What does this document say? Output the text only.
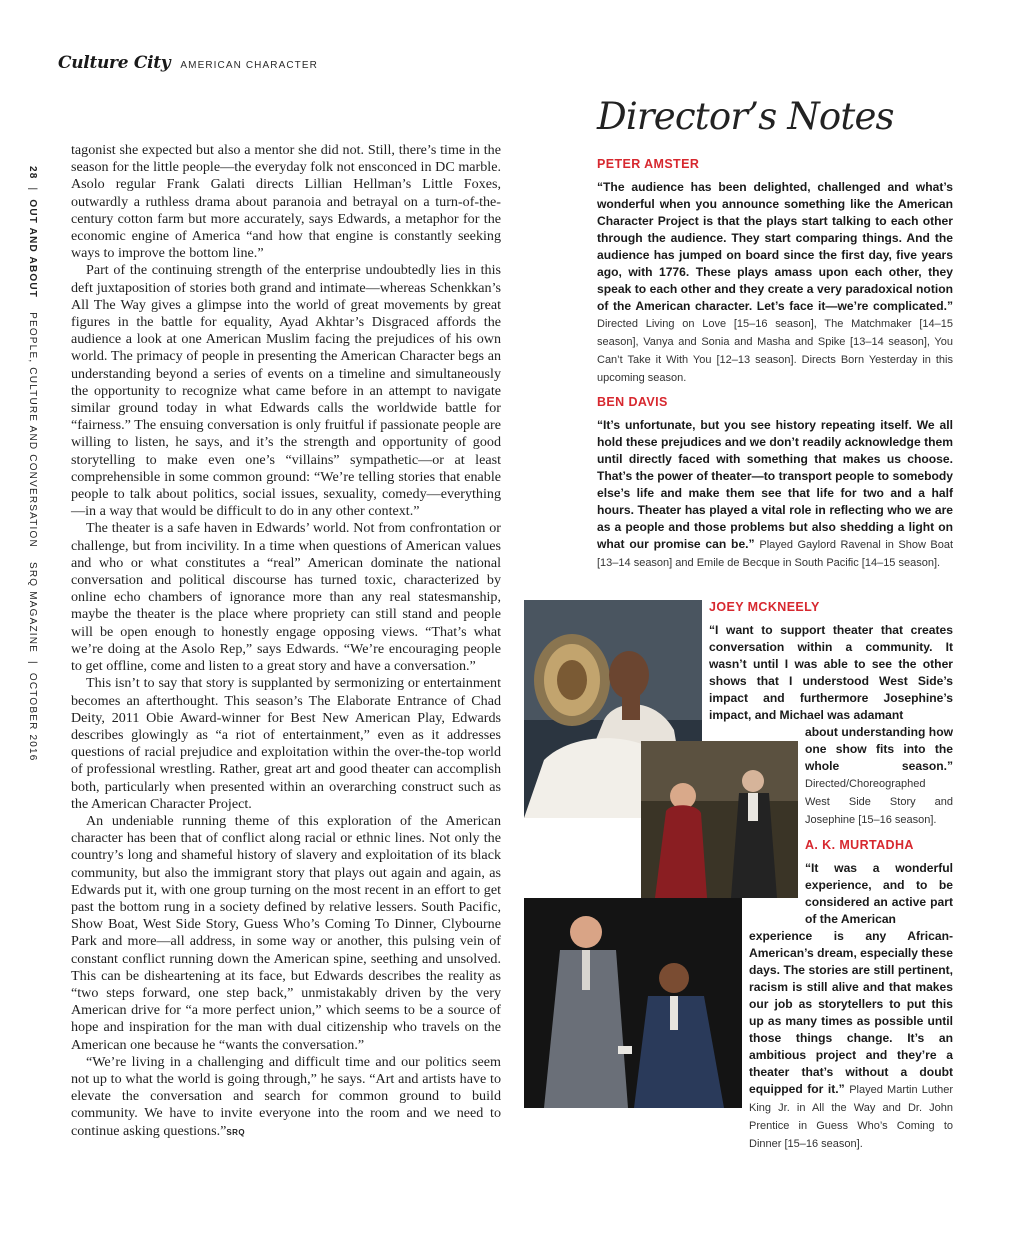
Culture City AMERICAN CHARACTER
28
|
OUT AND ABOUT
PEOPLE, CULTURE AND CONVERSATION
SRQ MAGAZINE
|
OCTOBER 2016

tagonist she expected but also a mentor she did not. Still, there’s time in the season for the little people—the everyday folk not ensconced in DC marble. Asolo regular Frank Galati directs Lillian Hellman’s Little Foxes, outwardly a ruthless drama about paranoia and betrayal on a turn-of-the-century cotton farm but more accurately, says Edwards, a metaphor for the economic engine of America “and how that engine is constantly seeking ways to improve the bottom line.”

Part of the continuing strength of the enterprise undoubtedly lies in this deft juxtaposition of stories both grand and intimate—whereas Schenkkan’s All The Way gives a glimpse into the world of great movements by great figures in the battle for equality, Ayad Akhtar’s Disgraced affords the audience a look at one American Muslim facing the prejudices of his own world. The primacy of people in presenting the American Character begs an understanding beyond a series of events on a timeline and simultaneously the opportunity to recognize what came before in an attempt to navigate similar ground today in what Edwards calls the worldwide battle for “fairness.” The ensuing conversation is only fruitful if passionate people are willing to listen, he says, and it’s the strength and opportunity of good storytelling to make even one’s “villains” sympathetic—or at least comprehensible in some common ground: “We’re telling stories that enable people to talk about politics, social issues, sexuality, comedy—everything—in a way that would be difficult to do in any other context.”

The theater is a safe haven in Edwards’ world. Not from confrontation or challenge, but from incivility. In a time when questions of American values and who or what constitutes a “real” American dominate the national conversation and political discourse has turned toxic, characterized by online echo chambers of ignorance more than any real statesmanship, maybe the theater is the place where propriety can still stand and people will be open enough to honestly engage opposing views. “That’s what we’re doing at the Asolo Rep,” says Edwards. “We’re encouraging people to get offline, come and listen to a great story and have a conversation.”

This isn’t to say that story is supplanted by sermonizing or entertainment becomes an afterthought. This season’s The Elaborate Entrance of Chad Deity, 2011 Obie Award-winner for Best New American Play, Edwards describes glowingly as “a riot of entertainment,” even as it addresses questions of racial prejudice and exploitation within the over-the-top world of professional wrestling. Rather, great art and good theater can accomplish both, particularly when presented within an overarching construct such as the American Character Project.

An undeniable running theme of this exploration of the American character has been that of conflict along racial or ethnic lines. Not only the country’s long and shameful history of slavery and exploitation of its black community, but also the immigrant story that plays out again and again, as Edwards put it, with one group turning on the most recent in an effort to get past the bottom rung in a society defined by relative lessers. South Pacific, Show Boat, West Side Story, Guess Who’s Coming To Dinner, Clybourne Park and more—all address, in some way or another, this pulsing vein of constant conflict running down the American spine, seething and unsolved. This can be disheartening at its face, but Edwards describes the reality as “two steps forward, one step back,” unmistakably driven by the very American drive for “a more perfect union,” which seems to be a source of hope and inspiration for the man with dual citizenship who travels on the American one because he “wants the conversation.”

“We’re living in a challenging and difficult time and our politics seem not up to what the world is going through,” he says. “Art and artists have to elevate the conversation and search for common ground to build community. We have to invite everyone into the room and we need to continue asking questions.”SRQ

Director’s Notes
PETER AMSTER
“The audience has been delighted, challenged and what’s wonderful when you announce something like the American Character Project is that the plays start talking to each other through the audience. They start comparing things. And the audience has jumped on board since the first day, five years ago, with 1776. These plays amass upon each other, they speak to each other and they create a very paradoxical notion of the American character. Let’s face it—we’re complicated.” Directed Living on Love [15–16 season], The Matchmaker [14–15 season], Vanya and Sonia and Masha and Spike [13–14 season], You Can’t Take it With You [12–13 season]. Directs Born Yesterday in this upcoming season.
BEN DAVIS
“It’s unfortunate, but you see history repeating itself. We all hold these prejudices and we don’t readily acknowledge them until directly faced with something that makes us choose. That’s the power of theater—to transport people to somebody else’s life and make them see that life for two and a half hours. Theater has played a vital role in reflecting who we are as a people and those problems but also shedding a light on what our promise can be.” Played Gaylord Ravenal in Show Boat [13–14 season] and Emile de Becque in South Pacific [14–15 season].
JOEY MCKNEELY
“I want to support theater that creates conversation within a community. It wasn’t until I was able to see the other shows that I understood West Side’s impact and furthermore Josephine’s impact, and Michael was adamant
about understanding how one show fits into the whole season.” Directed/Choreographed West Side Story and Josephine [15–16 season].
A. K. MURTADHA
“It was a wonderful experience, and to be considered an active part of the American
experience is any African-American’s dream, especially these days. The stories are still pertinent, racism is still alive and that makes our job as storytellers to put this up as many times as possible until those things change. It’s an ambitious project and they’re a theater that’s without a doubt equipped for it.” Played Martin Luther King Jr. in All the Way and Dr. John Prentice in Guess Who’s Coming to Dinner [15–16 season].
